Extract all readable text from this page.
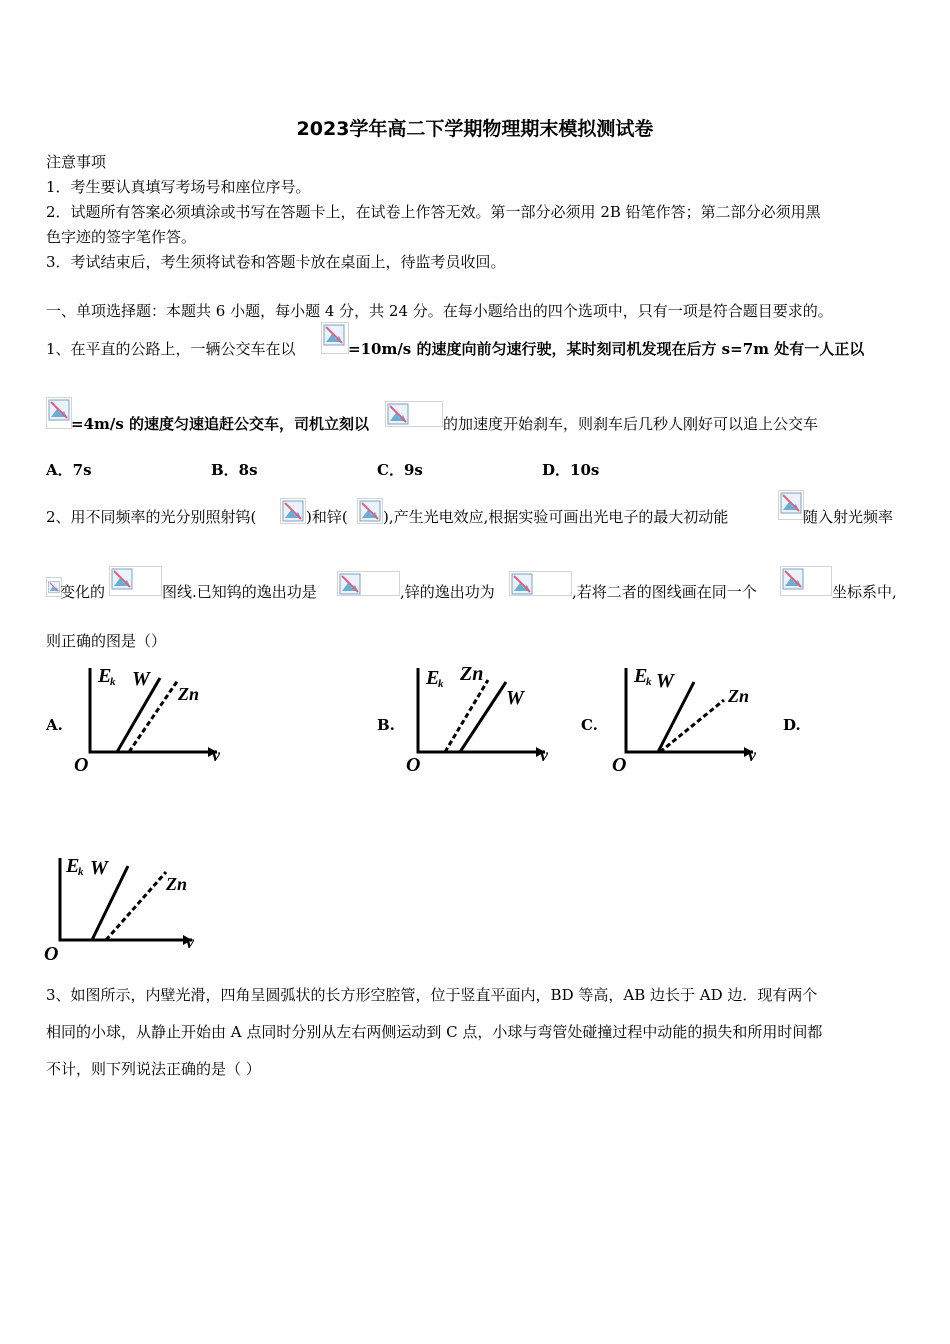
2023学年高二下学期物理期末模拟测试卷
注意事项
1．考生要认真填写考场号和座位序号。
2．试题所有答案必须填涂或书写在答题卡上，在试卷上作答无效。第一部分必须用 2B 铅笔作答；第二部分必须用黑
色字迹的签字笔作答。
3．考试结束后，考生须将试卷和答题卡放在桌面上，待监考员收回。
一、单项选择题：本题共 6 小题，每小题 4 分，共 24 分。在每小题给出的四个选项中，只有一项是符合题目要求的。
1、在平直的公路上，一辆公交车在以	=10m/s 的速度向前匀速行驶，某时刻司机发现在后方 s=7m 处有一人正以
=4m/s 的速度匀速追赶公交车，司机立刻以	的加速度开始刹车，则刹车后几秒人刚好可以追上公交车
A．7s	B．8s	C．9s	D．10s
2、用不同频率的光分别照射钨(	)和锌( ),产生光电效应,根据实验可画出光电子的最大初动能	随入射光频率
变化的	图线.已知钨的逸出功是	,锌的逸出功为	,若将二者的图线画在同一个	坐标系中,
则正确的图是（）
A.	B.	C.	D.
E
k W
Zn
O	ν
E
k Zn
W
O	ν
E
k W
Zn
O	ν
E
k W
Zn
O
ν
3、如图所示，内壁光滑，四角呈圆弧状的长方形空腔管，位于竖直平面内，BD 等高，AB 边长于 AD 边．现有两个
相同的小球，从静止开始由 A 点同时分别从左右两侧运动到 C 点，小球与弯管处碰撞过程中动能的损失和所用时间都
不计，则下列说法正确的是（ ）
